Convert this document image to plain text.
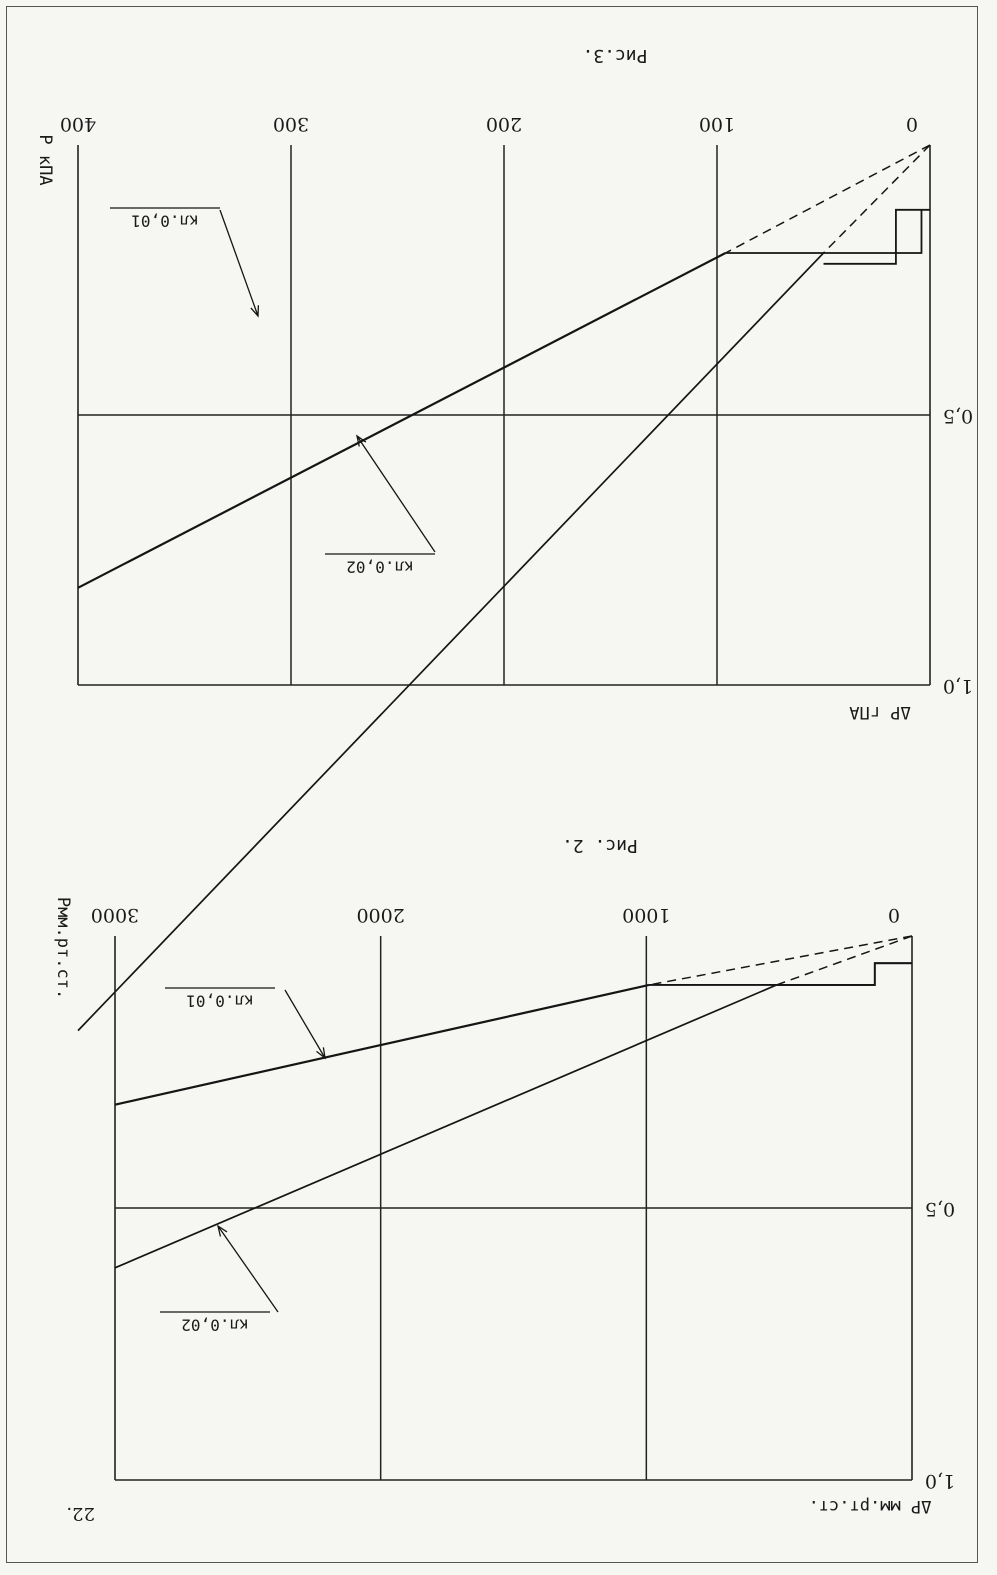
0
100
200
300
400
0,5
1,0
Рис.3.
P кПА
ΔP гПА
кл.0,01
кл.0,02
0
1000
2000
3000
0,5
1,0
Рис. 2.
Рмм.рт.ст.
ΔP мм.рт.ст.
кл.0,01
кл.0,02
22.
